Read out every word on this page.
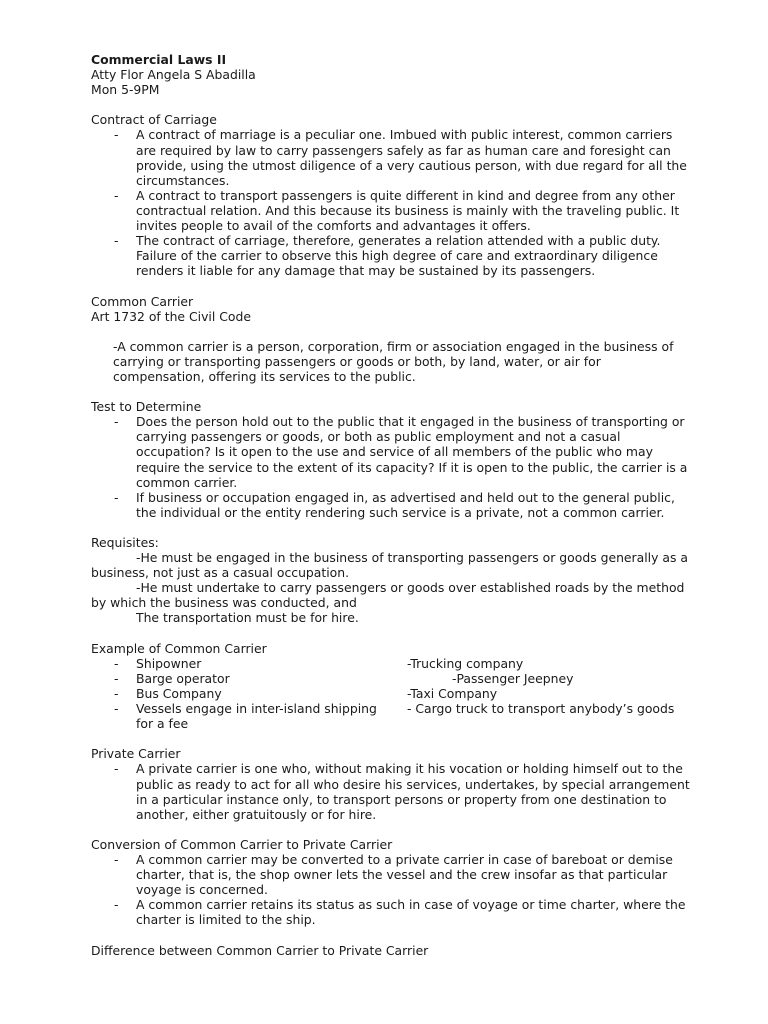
Commercial Laws II
Atty Flor Angela S Abadilla
Mon 5-9PM
Contract of Carriage
- A contract of marriage is a peculiar one. Imbued with public interest, common carriers are required by law to carry passengers safely as far as human care and foresight can provide, using the utmost diligence of a very cautious person, with due regard for all the circumstances.
- A contract to transport passengers is quite different in kind and degree from any other contractual relation. And this because its business is mainly with the traveling public. It invites people to avail of the comforts and advantages it offers.
- The contract of carriage, therefore, generates a relation attended with a public duty. Failure of the carrier to observe this high degree of care and extraordinary diligence renders it liable for any damage that may be sustained by its passengers.
Common Carrier
Art 1732 of the Civil Code
-A common carrier is a person, corporation, firm or association engaged in the business of carrying or transporting passengers or goods or both, by land, water, or air for compensation, offering its services to the public.
Test to Determine
- Does the person hold out to the public that it engaged in the business of transporting or carrying passengers or goods, or both as public employment and not a casual occupation? Is it open to the use and service of all members of the public who may require the service to the extent of its capacity? If it is open to the public, the carrier is a common carrier.
- If business or occupation engaged in, as advertised and held out to the general public, the individual or the entity rendering such service is a private, not a common carrier.
Requisites:
-He must be engaged in the business of transporting passengers or goods generally as a business, not just as a casual occupation.
-He must undertake to carry passengers or goods over established roads by the method by which the business was conducted, and
The transportation must be for hire.
Example of Common Carrier
- Shipowner
- Barge operator
- Bus Company
- Vessels engage in inter-island shipping for a fee
-Trucking company
-Passenger Jeepney
-Taxi Company
- Cargo truck to transport anybody’s goods
Private Carrier
- A private carrier is one who, without making it his vocation or holding himself out to the public as ready to act for all who desire his services, undertakes, by special arrangement in a particular instance only, to transport persons or property from one destination to another, either gratuitously or for hire.
Conversion of Common Carrier to Private Carrier
- A common carrier may be converted to a private carrier in case of bareboat or demise charter, that is, the shop owner lets the vessel and the crew insofar as that particular voyage is concerned.
- A common carrier retains its status as such in case of voyage or time charter, where the charter is limited to the ship.
Difference between Common Carrier to Private Carrier
